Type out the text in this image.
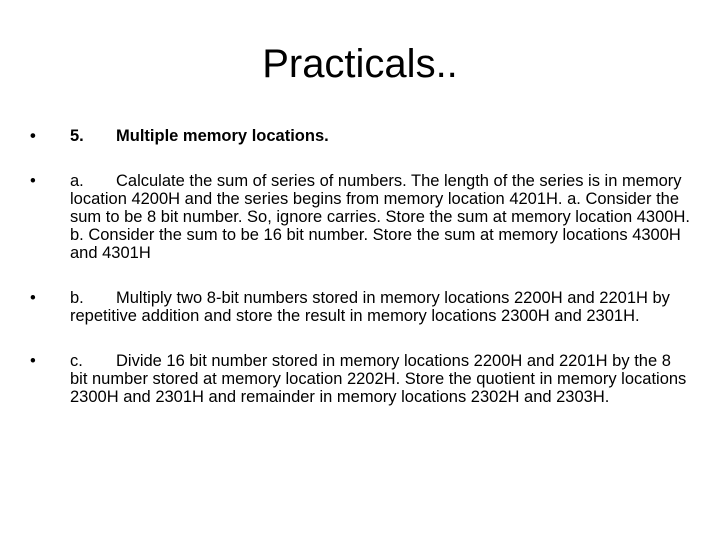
Practicals..
•	5. Multiple memory locations.
•	a. Calculate the sum of series of numbers. The length of the series is in memory location 4200H and the series begins from memory location 4201H. a. Consider the sum to be 8 bit number. So, ignore carries. Store the sum at memory location 4300H. b. Consider the sum to be 16 bit number. Store the sum at memory locations 4300H and 4301H
•	b. Multiply two 8-bit numbers stored in memory locations 2200H and 2201H by repetitive addition and store the result in memory locations 2300H and 2301H.
•	c. Divide 16 bit number stored in memory locations 2200H and 2201H by the 8 bit number stored at memory location 2202H. Store the quotient in memory locations 2300H and 2301H and remainder in memory locations 2302H and 2303H.
